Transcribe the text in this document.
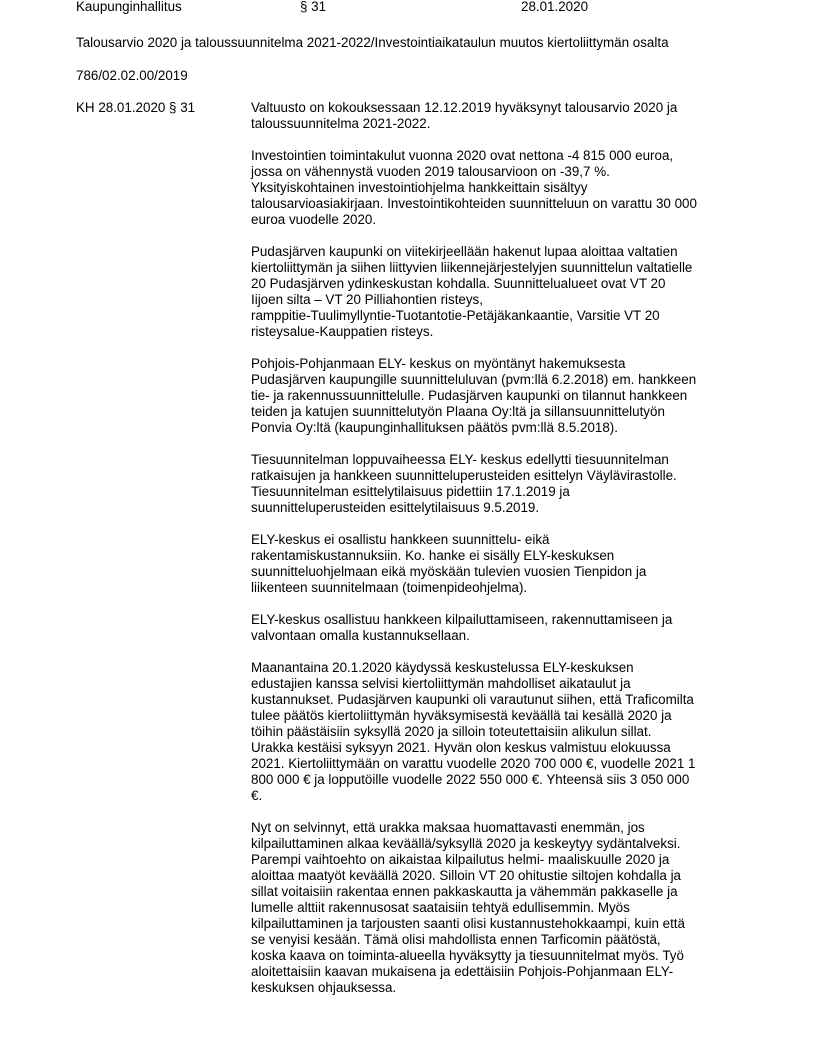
Kaupunginhallitus	§ 31	28.01.2020
Talousarvio 2020 ja taloussuunnitelma 2021-2022/Investointiaikataulun muutos kiertoliittymän osalta
786/02.02.00/2019
KH 28.01.2020 § 31	Valtuusto on kokouksessaan 12.12.2019 hyväksynyt talousarvio 2020 ja
taloussuunnitelma 2021-2022.
Investointien toimintakulut vuonna 2020 ovat nettona -4 815 000 euroa,
jossa on vähennystä vuoden 2019 talousarvioon on -39,7 %.
Yksityiskohtainen investointiohjelma hankkeittain sisältyy
talousarvioasiakirjaan. Investointikohteiden suunnitteluun on varattu 30 000
euroa vuodelle 2020.
Pudasjärven kaupunki on viitekirjeellään hakenut lupaa aloittaa valtatien
kiertoliittymän ja siihen liittyvien liikennejärjestelyjen suunnittelun valtatielle
20 Pudasjärven ydinkeskustan kohdalla. Suunnittelualueet ovat VT 20
Iijoen silta – VT 20 Pilliahontien risteys,
ramppitie-Tuulimyllyntie-Tuotantotie-Petäjäkankaantie, Varsitie VT 20
risteysalue-Kauppatien risteys.
Pohjois-Pohjanmaan ELY- keskus on myöntänyt hakemuksesta
Pudasjärven kaupungille suunnitteluluvan (pvm:llä 6.2.2018) em. hankkeen
tie- ja rakennussuunnittelulle. Pudasjärven kaupunki on tilannut hankkeen
teiden ja katujen suunnittelutyön Plaana Oy:ltä ja sillansuunnittelutyön
Ponvia Oy:ltä (kaupunginhallituksen päätös pvm:llä 8.5.2018).
Tiesuunnitelman loppuvaiheessa ELY- keskus edellytti tiesuunnitelman
ratkaisujen ja hankkeen suunnitteluperusteiden esittelyn Väylävirastolle.
Tiesuunnitelman esittelytilaisuus pidettiin 17.1.2019 ja
suunnitteluperusteiden esittelytilaisuus 9.5.2019.
ELY-keskus ei osallistu hankkeen suunnittelu- eikä
rakentamiskustannuksiin. Ko. hanke ei sisälly ELY-keskuksen
suunnitteluohjelmaan eikä myöskään tulevien vuosien Tienpidon ja
liikenteen suunnitelmaan (toimenpideohjelma).
ELY-keskus osallistuu hankkeen kilpailuttamiseen, rakennuttamiseen ja
valvontaan omalla kustannuksellaan.
Maanantaina 20.1.2020 käydyssä keskustelussa ELY-keskuksen
edustajien kanssa selvisi kiertoliittymän mahdolliset aikataulut ja
kustannukset. Pudasjärven kaupunki oli varautunut siihen, että Traficomilta
tulee päätös kiertoliittymän hyväksymisestä keväällä tai kesällä 2020 ja
töihin päästäisiin syksyllä 2020 ja silloin toteutettaisiin alikulun sillat.
Urakka kestäisi syksyyn 2021. Hyvän olon keskus valmistuu elokuussa
2021. Kiertoliittymään on varattu vuodelle 2020 700 000 €, vuodelle 2021 1
800 000 € ja lopputöille vuodelle 2022 550 000 €. Yhteensä siis 3 050 000
€.
Nyt on selvinnyt, että urakka maksaa huomattavasti enemmän, jos
kilpailuttaminen alkaa keväällä/syksyllä 2020 ja keskeytyy sydäntalveksi.
Parempi vaihtoehto on aikaistaa kilpailutus helmi- maaliskuulle 2020 ja
aloittaa maatyöt keväällä 2020. Silloin VT 20 ohitustie siltojen kohdalla ja
sillat voitaisiin rakentaa ennen pakkaskautta ja vähemmän pakkaselle ja
lumelle alttiit rakennusosat saataisiin tehtyä edullisemmin. Myös
kilpailuttaminen ja tarjousten saanti olisi kustannustehokkaampi, kuin että
se venyisi kesään. Tämä olisi mahdollista ennen Tarficomin päätöstä,
koska kaava on toiminta-alueella hyväksytty ja tiesuunnitelmat myös. Työ
aloitettaisiin kaavan mukaisena ja edettäisiin Pohjois-Pohjanmaan ELY-
keskuksen ohjauksessa.
